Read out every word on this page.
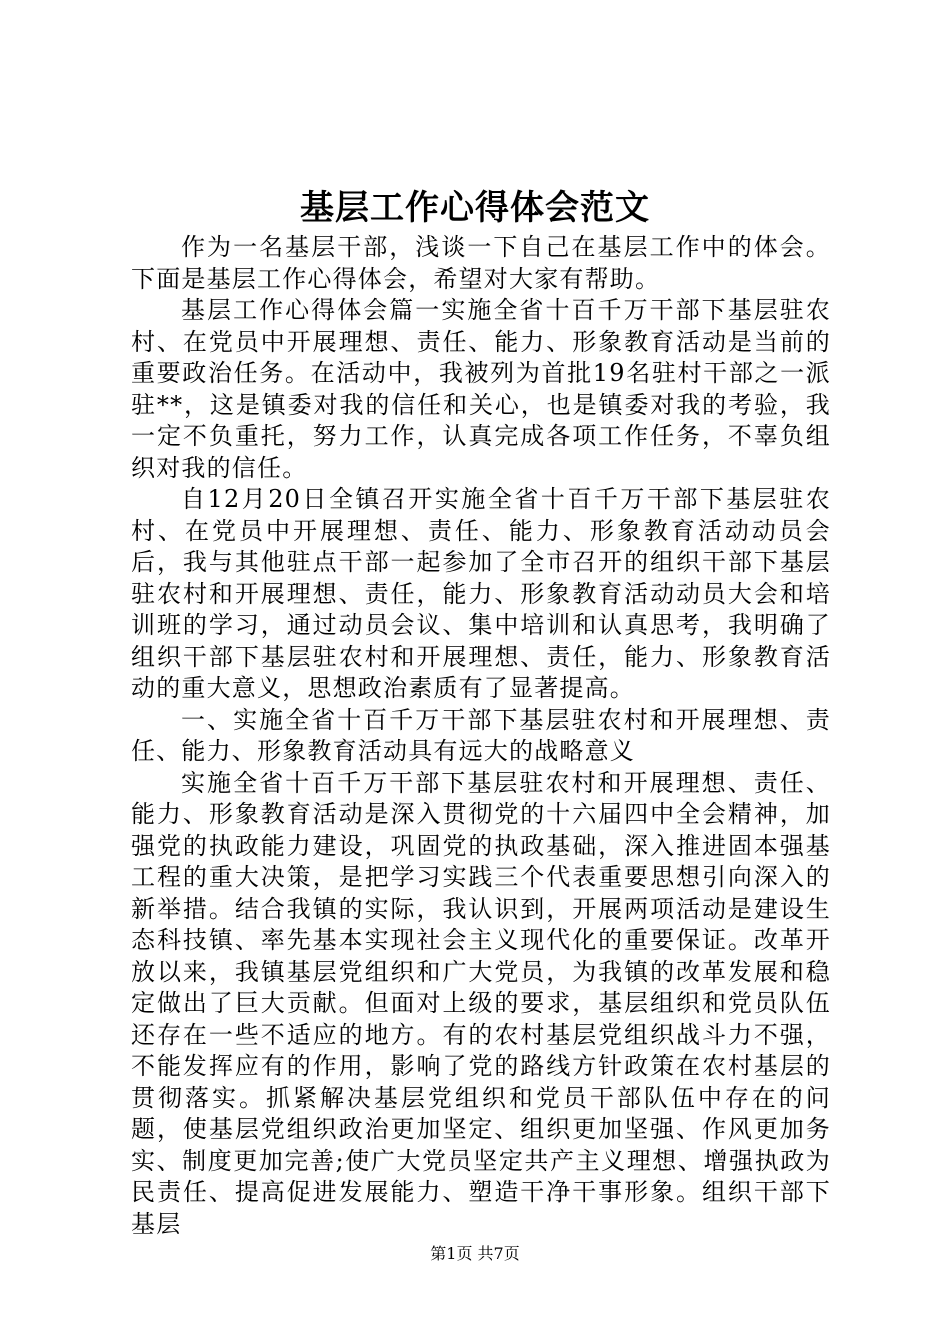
基层工作心得体会范文

作为一名基层干部，浅谈一下自己在基层工作中的体会。下面是基层工作心得体会，希望对大家有帮助。

基层工作心得体会篇一实施全省十百千万干部下基层驻农村、在党员中开展理想、责任、能力、形象教育活动是当前的重要政治任务。在活动中，我被列为首批19名驻村干部之一派驻**，这是镇委对我的信任和关心，也是镇委对我的考验，我一定不负重托，努力工作，认真完成各项工作任务，不辜负组织对我的信任。

自12月20日全镇召开实施全省十百千万干部下基层驻农村、在党员中开展理想、责任、能力、形象教育活动动员会后，我与其他驻点干部一起参加了全市召开的组织干部下基层驻农村和开展理想、责任，能力、形象教育活动动员大会和培训班的学习，通过动员会议、集中培训和认真思考，我明确了组织干部下基层驻农村和开展理想、责任，能力、形象教育活动的重大意义，思想政治素质有了显著提高。

一、实施全省十百千万干部下基层驻农村和开展理想、责任、能力、形象教育活动具有远大的战略意义

实施全省十百千万干部下基层驻农村和开展理想、责任、能力、形象教育活动是深入贯彻党的十六届四中全会精神，加强党的执政能力建设，巩固党的执政基础，深入推进固本强基工程的重大决策，是把学习实践三个代表重要思想引向深入的新举措。结合我镇的实际，我认识到，开展两项活动是建设生态科技镇、率先基本实现社会主义现代化的重要保证。改革开放以来，我镇基层党组织和广大党员，为我镇的改革发展和稳定做出了巨大贡献。但面对上级的要求，基层组织和党员队伍还存在一些不适应的地方。有的农村基层党组织战斗力不强，不能发挥应有的作用，影响了党的路线方针政策在农村基层的贯彻落实。抓紧解决基层党组织和党员干部队伍中存在的问题，使基层党组织政治更加坚定、组织更加坚强、作风更加务实、制度更加完善;使广大党员坚定共产主义理想、增强执政为民责任、提高促进发展能力、塑造干净干事形象。组织干部下基层

第1页 共7页
